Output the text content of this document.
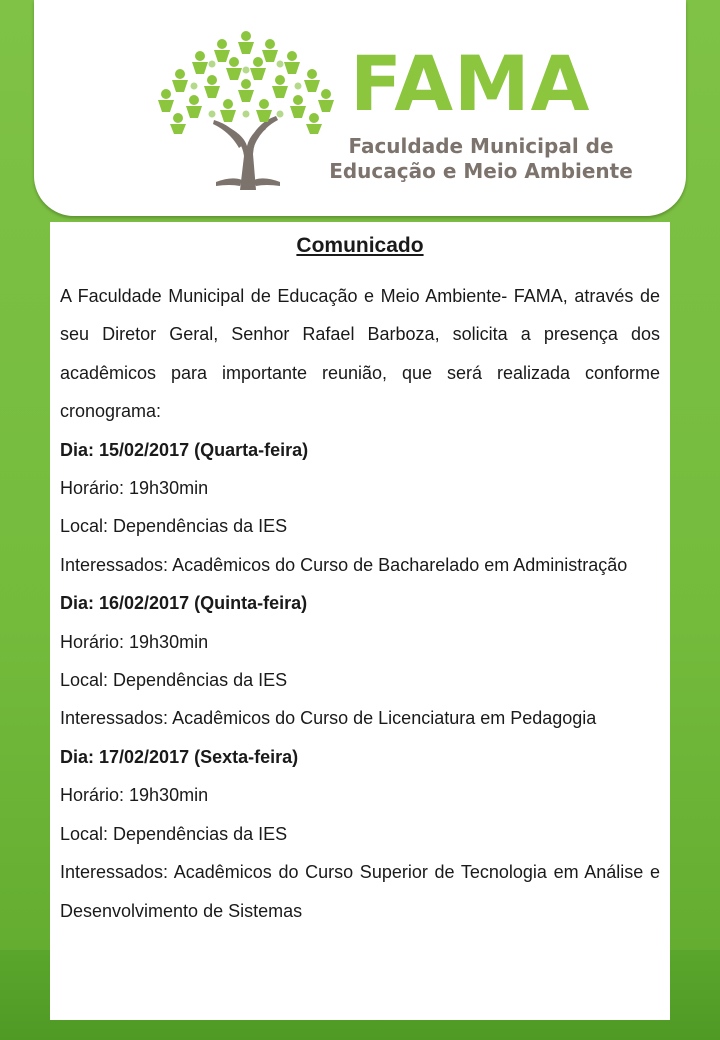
FAMA
Faculdade Municipal de
Educação e Meio Ambiente
Comunicado

A Faculdade Municipal de Educação e Meio Ambiente- FAMA, através de seu Diretor Geral, Senhor Rafael Barboza, solicita a presença dos acadêmicos para importante reunião, que será realizada conforme cronograma:

Dia: 15/02/2017 (Quarta-feira)

Horário: 19h30min

Local: Dependências da IES

Interessados: Acadêmicos do Curso de Bacharelado em Administração

Dia: 16/02/2017 (Quinta-feira)

Horário: 19h30min

Local: Dependências da IES

Interessados: Acadêmicos do Curso de Licenciatura em Pedagogia

Dia: 17/02/2017 (Sexta-feira)

Horário: 19h30min

Local: Dependências da IES

Interessados: Acadêmicos do Curso Superior de Tecnologia em Análise e Desenvolvimento de Sistemas
